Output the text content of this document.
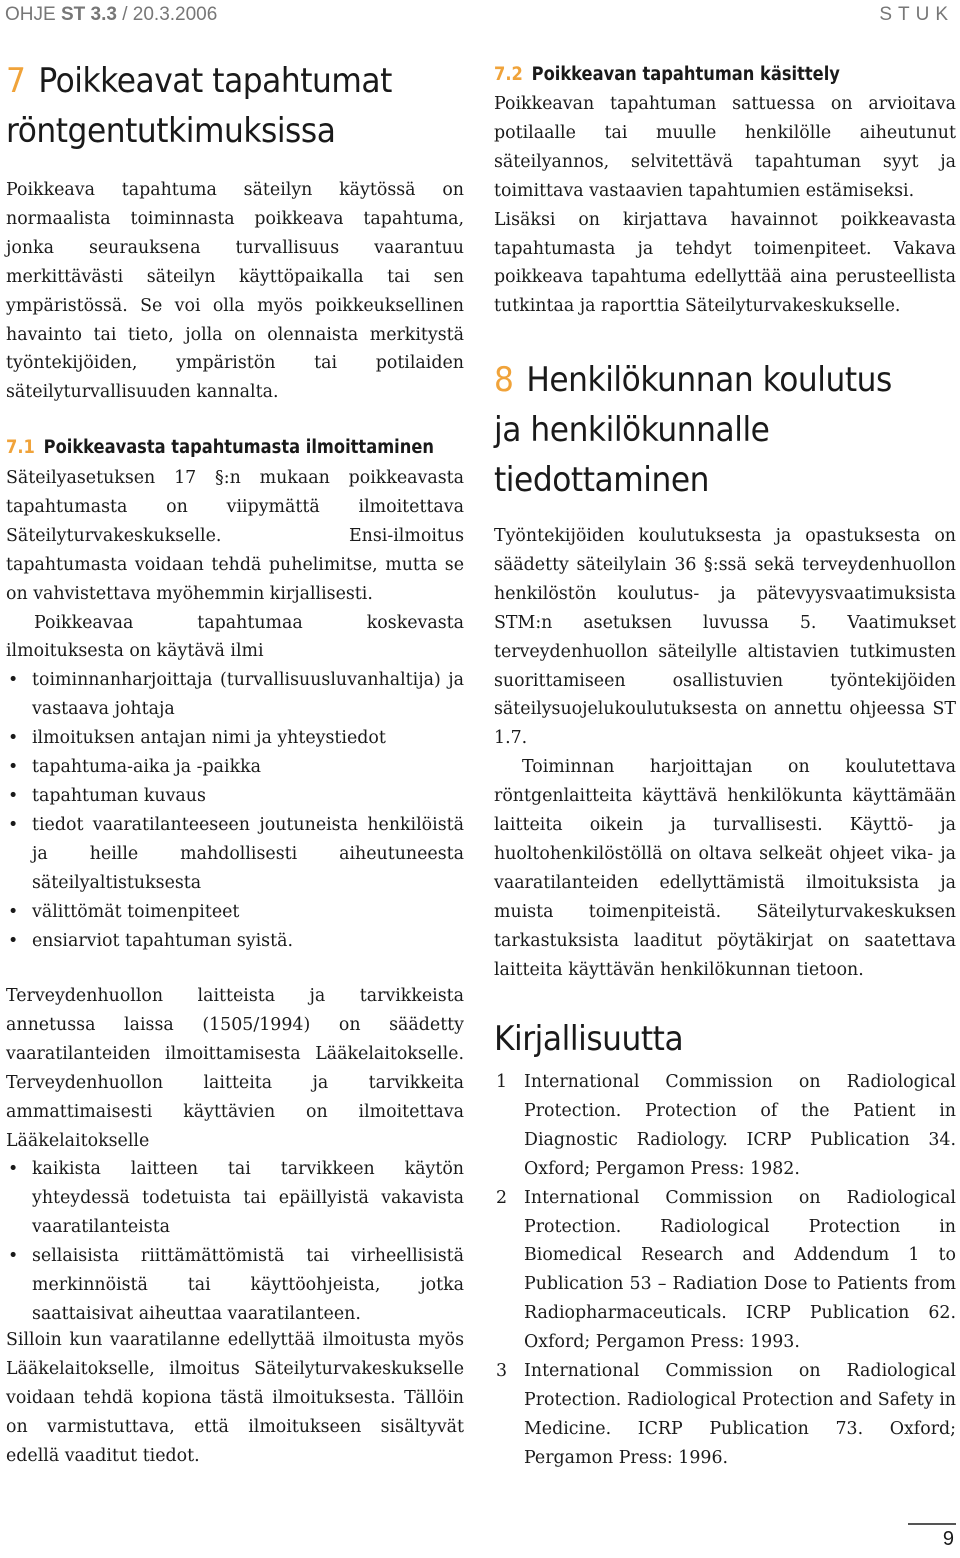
OHJE ST 3.3 / 20.3.2006	STUK
7 Poikkeavat tapahtumat
röntgentutkimuksissa

Poikkeava tapahtuma säteilyn käytössä on normaalista toiminnasta poikkeava tapahtuma, jonka seurauksena turvallisuus vaarantuu merkittävästi säteilyn käyttöpaikalla tai sen ympäristössä. Se voi olla myös poikkeuksellinen havainto tai tieto, jolla on olennaista merkitystä työntekijöiden, ympäristön tai potilaiden säteilyturvallisuuden kannalta.

7.1 Poikkeavasta tapahtumasta ilmoittaminen

Säteilyasetuksen 17 §:n mukaan poikkeavasta tapahtumasta on viipymättä ilmoitettava Säteilyturvakeskukselle. Ensi-ilmoitus tapahtumasta voidaan tehdä puhelimitse, mutta se on vahvistettava myöhemmin kirjallisesti.

Poikkeavaa tapahtumaa koskevasta ilmoituksesta on käytävä ilmi

• toiminnanharjoittaja (turvallisuusluvanhaltija) ja vastaava johtaja
• ilmoituksen antajan nimi ja yhteystiedot
• tapahtuma-aika ja -paikka
• tapahtuman kuvaus
• tiedot vaaratilanteeseen joutuneista henkilöistä ja heille mahdollisesti aiheutuneesta säteilyaltistuksesta
• välittömät toimenpiteet
• ensiarviot tapahtuman syistä.

Terveydenhuollon laitteista ja tarvikkeista annetussa laissa (1505/1994) on säädetty vaaratilanteiden ilmoittamisesta Lääkelaitokselle. Terveydenhuollon laitteita ja tarvikkeita ammattimaisesti käyttävien on ilmoitettava Lääkelaitokselle

• kaikista laitteen tai tarvikkeen käytön yhteydessä todetuista tai epäillyistä vakavista vaaratilanteista
• sellaisista riittämättömistä tai virheellisistä merkinnöistä tai käyttöohjeista, jotka saattaisivat aiheuttaa vaaratilanteen.

Silloin kun vaaratilanne edellyttää ilmoitusta myös Lääkelaitokselle, ilmoitus Säteilyturvakeskukselle voidaan tehdä kopiona tästä ilmoituksesta. Tällöin on varmistuttava, että ilmoitukseen sisältyvät edellä vaaditut tiedot.

7.2 Poikkeavan tapahtuman käsittely

Poikkeavan tapahtuman sattuessa on arvioitava potilaalle tai muulle henkilölle aiheutunut säteilyannos, selvitettävä tapahtuman syyt ja toimittava vastaavien tapahtumien estämiseksi.

Lisäksi on kirjattava havainnot poikkeavasta tapahtumasta ja tehdyt toimenpiteet. Vakava poikkeava tapahtuma edellyttää aina perusteellista tutkintaa ja raporttia Säteilyturvakeskukselle.

8 Henkilökunnan koulutus
ja henkilökunnalle
tiedottaminen

Työntekijöiden koulutuksesta ja opastuksesta on säädetty säteilylain 36 §:ssä sekä terveydenhuollon henkilöstön koulutus- ja pätevyysvaatimuksista STM:n asetuksen luvussa 5. Vaatimukset terveydenhuollon säteilylle altistavien tutkimusten suorittamiseen osallistuvien työntekijöiden säteilysuojelukoulutuksesta on annettu ohjeessa ST 1.7.

Toiminnan harjoittajan on koulutettava röntgenlaitteita käyttävä henkilökunta käyttämään laitteita oikein ja turvallisesti. Käyttö- ja huoltohenkilöstöllä on oltava selkeät ohjeet vika- ja vaaratilanteiden edellyttämistä ilmoituksista ja muista toimenpiteistä. Säteilyturvakeskuksen tarkastuksista laaditut pöytäkirjat on saatettava laitteita käyttävän henkilökunnan tietoon.

Kirjallisuutta
1 International Commission on Radiological Protection. Protection of the Patient in Diagnostic Radiology. ICRP Publication 34. Oxford; Pergamon Press: 1982.
2 International Commission on Radiological Protection. Radiological Protection in Biomedical Research and Addendum 1 to Publication 53 – Radiation Dose to Patients from Radiopharmaceuticals. ICRP Publication 62. Oxford; Pergamon Press: 1993.
3 International Commission on Radiological Protection. Radiological Protection and Safety in Medicine. ICRP Publication 73. Oxford; Pergamon Press: 1996.
9
